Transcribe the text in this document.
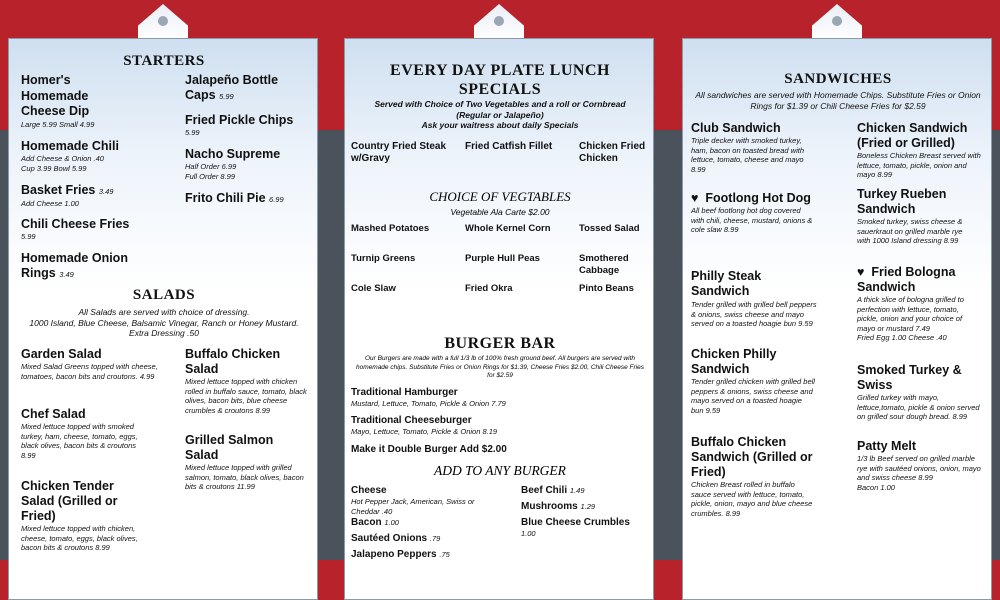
STARTERS
Homer's Homemade Cheese Dip
Large 5.99 Small 4.99
Homemade Chili
Add Cheese & Onion .40
Cup 3.99 Bowl 5.99
Basket Fries 3.49
Add Cheese 1.00
Chili Cheese Fries
5.99
Homemade Onion Rings 3.49
Jalapeño Bottle Caps 5.99
Fried Pickle Chips
5.99
Nacho Supreme
Half Order 6.99
Full Order 8.99
Frito Chili Pie 6.99
SALADS
All Salads are served with choice of dressing.
1000 Island, Blue Cheese, Balsamic Vinegar, Ranch or Honey Mustard. Extra Dressing .50
Garden Salad
Mixed Salad Greens topped with cheese, tomatoes, bacon bits and croutons. 4.99
Chef Salad
Mixed lettuce topped with smoked turkey, ham, cheese, tomato, eggs, black olives, bacon bits & croutons 8.99
Chicken Tender Salad (Grilled or Fried)
Mixed lettuce topped with chicken, cheese, tomato, eggs, black olives, bacon bits & croutons 8.99
Buffalo Chicken Salad
Mixed lettuce topped with chicken rolled in buffalo sauce, tomato, black olives, bacon bits, blue cheese crumbles & croutons 8.99
Grilled Salmon Salad
Mixed lettuce topped with grilled salmon, tomato, black olives, bacon bits & croutons 11.99
EVERY DAY PLATE LUNCH SPECIALS
Served with Choice of Two Vegetables and a roll or Cornbread
(Regular or Jalapeño)
Ask your waitress about daily Specials
Country Fried Steak w/Gravy
Fried Catfish Fillet	Chicken Fried Chicken
CHOICE OF VEGTABLES
Vegetable Ala Carte $2.00
Mashed Potatoes	Whole Kernel Corn	Tossed Salad
Turnip Greens	Purple Hull Peas	Smothered Cabbage
Cole Slaw	Fried Okra	Pinto Beans
BURGER BAR
Our Burgers are made with a full 1/3 lb of 100% fresh ground beef. All burgers are served with homemade chips. Substitute Fries or Onion Rings for $1.39, Cheese Fries $2.00, Chili Cheese Fries for $2.59
Traditional Hamburger
Mustard, Lettuce, Tomato, Pickle & Onion 7.79
Traditional Cheeseburger
Mayo, Lettuce, Tomato, Pickle & Onion 8.19
Make it Double Burger Add $2.00
ADD TO ANY BURGER
Cheese
Hot Pepper Jack, American, Swiss or Cheddar .40
Bacon 1.00
Sautéed Onions .79
Jalapeno Peppers .75
Beef Chili 1.49
Mushrooms 1.29
Blue Cheese Crumbles
1.00
SANDWICHES
All sandwiches are served with Homemade Chips. Substitute Fries or Onion Rings for $1.39 or Chili Cheese Fries for $2.59
Club Sandwich
Triple decker with smoked turkey, ham, bacon on toasted bread with lettuce, tomato, cheese and mayo 8.99
♥ Footlong Hot Dog
All beef footlong hot dog covered with chili, cheese, mustard, onions & cole slaw 8.99
Philly Steak Sandwich
Tender grilled with grilled bell peppers & onions, swiss cheese and mayo served on a toasted hoagie bun 9.59
Chicken Philly Sandwich
Tender grilled chicken with grilled bell peppers & onions, swiss cheese and mayo served on a toasted hoagie bun 9.59
Buffalo Chicken Sandwich (Grilled or Fried)
Chicken Breast rolled in buffalo sauce served with lettuce, tomato, pickle, onion, mayo and blue cheese crumbles. 8.99
Chicken Sandwich (Fried or Grilled)
Boneless Chicken Breast served with lettuce, tomato, pickle, onion and mayo 8.99
Turkey Rueben Sandwich
Smoked turkey, swiss cheese & sauerkraut on grilled marble rye with 1000 Island dressing 8.99
♥ Fried Bologna Sandwich
A thick slice of bologna grilled to perfection with lettuce, tomato, pickle, onion and your choice of mayo or mustard 7.49
Fried Egg 1.00 Cheese .40
Smoked Turkey & Swiss
Grilled turkey with mayo, lettuce,tomato, pickle & onion served on grilled sour dough bread. 8.99
Patty Melt
1/3 lb Beef served on grilled marble rye with sautéed onions, onion, mayo and swiss cheese 8.99
Bacon 1.00
